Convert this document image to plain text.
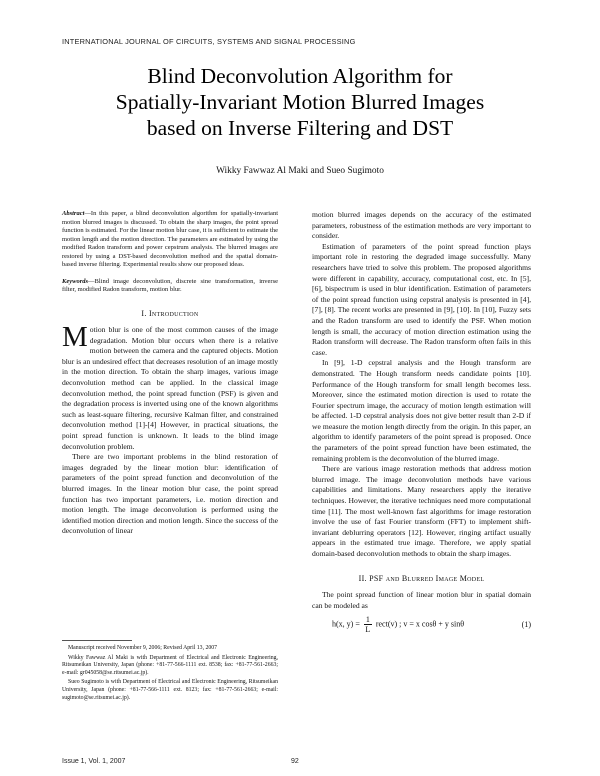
INTERNATIONAL JOURNAL OF CIRCUITS, SYSTEMS AND SIGNAL PROCESSING
Blind Deconvolution Algorithm for
Spatially-Invariant Motion Blurred Images
based on Inverse Filtering and DST
Wikky Fawwaz Al Maki and Sueo Sugimoto

Abstract—In this paper, a blind deconvolution algorithm for spatially-invariant motion blurred images is discussed. To obtain the sharp images, the point spread function is estimated. For the linear motion blur case, it is sufficient to estimate the motion length and the motion direction. The parameters are estimated by using the modified Radon transform and power cepstrum analysis. The blurred images are restored by using a DST-based deconvolution method and the spatial domain-based inverse filtering. Experimental results show our proposed ideas.

Keywords—Blind image deconvolution, discrete sine transformation, inverse filter, modified Radon transform, motion blur.

I. Introduction

Motion blur is one of the most common causes of the image degradation. Motion blur occurs when there is a relative motion between the camera and the captured objects. Motion blur is an undesired effect that decreases resolution of an image mostly in the motion direction. To obtain the sharp images, various image deconvolution method can be applied. In the classical image deconvolution method, the point spread function (PSF) is given and the degradation process is inverted using one of the known algorithms such as least-square filtering, recursive Kalman filter, and constrained deconvolution method [1]-[4] However, in practical situations, the point spread function is unknown. It leads to the blind image deconvolution problem.

There are two important problems in the blind restoration of images degraded by the linear motion blur: identification of parameters of the point spread function and deconvolution of the blurred images. In the linear motion blur case, the point spread function has two important parameters, i.e. motion direction and motion length. The image deconvolution is performed using the identified motion direction and motion length. Since the success of the deconvolution of linear

Manuscript received November 9, 2006; Revised April 13, 2007

Wikky Fawwaz Al Maki is with Department of Electrical and Electronic Engineering, Ritsumeikan University, Japan (phone: +81-77-566-1111 ext. 8538; fax: +81-77-561-2663; e-mail: gr045058@se.ritsumei.ac.jp).

Sueo Sugimoto is with Department of Electrical and Electronic Engineering, Ritsumeikan University, Japan (phone: +81-77-566-1111 ext. 8123; fax: +81-77-561-2663; e-mail: sugimoto@se.ritsumei.ac.jp).

motion blurred images depends on the accuracy of the estimated parameters, robustness of the estimation methods are very important to consider.

Estimation of parameters of the point spread function plays important role in restoring the degraded image successfully. Many researchers have tried to solve this problem. The proposed algorithms were different in capability, accuracy, computational cost, etc. In [5], [6], bispectrum is used in blur identification. Estimation of parameters of the point spread function using cepstral analysis is presented in [4], [7], [8]. The recent works are presented in [9], [10]. In [10], Fuzzy sets and the Radon transform are used to identify the PSF. When motion length is small, the accuracy of motion direction estimation using the Radon transform will decrease. The Radon transform often fails in this case.

In [9], 1-D cepstral analysis and the Hough transform are demonstrated. The Hough transform needs candidate points [10]. Performance of the Hough transform for small length becomes less. Moreover, since the estimated motion direction is used to rotate the Fourier spectrum image, the accuracy of motion length estimation will be affected. 1-D cepstral analysis does not give better result than 2-D if we measure the motion length directly from the origin. In this paper, an algorithm to identify parameters of the point spread is proposed. Once the parameters of the point spread function have been estimated, the remaining problem is the deconvolution of the blurred image.

There are various image restoration methods that address motion blurred image. The image deconvolution methods have various capabilities and limitations. Many researchers apply the iterative techniques. However, the iterative techniques need more computational time [11]. The most well-known fast algorithms for image restoration involve the use of fast Fourier transform (FFT) to implement shift-invariant deblurring operators [12]. However, ringing artifact usually appears in the estimated true image. Therefore, we apply spatial domain-based deconvolution methods to obtain the sharp images.

II. PSF and Blurred Image Model

The point spread function of linear motion blur in spatial domain can be modeled as

h(x, $y) = \frac{1}{L}$ rect(v) ; v = x cosθ + y sinθ	(1)
Issue 1, Vol. 1, 2007	92
